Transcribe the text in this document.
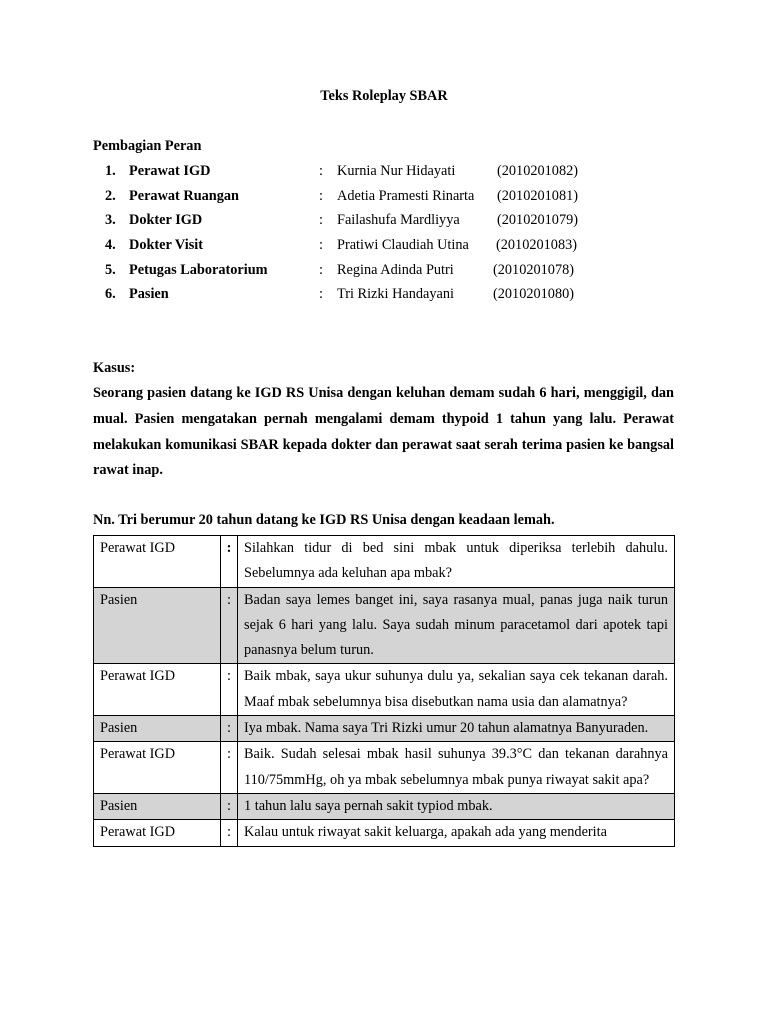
Teks Roleplay SBAR
Pembagian Peran
1. Perawat IGD	: Kurnia Nur Hidayati	(2010201082)
2. Perawat Ruangan	: Adetia Pramesti Rinarta (2010201081)
3. Dokter IGD	: Failashufa Mardliyya	(2010201079)
4. Dokter Visit	: Pratiwi Claudiah Utina (2010201083)
5. Petugas Laboratorium	: Regina Adinda Putri	(2010201078)
6. Pasien	: Tri Rizki Handayani	(2010201080)
Kasus:
Seorang pasien datang ke IGD RS Unisa dengan keluhan demam sudah 6 hari, menggigil, dan mual. Pasien mengatakan pernah mengalami demam thypoid 1 tahun yang lalu. Perawat melakukan komunikasi SBAR kepada dokter dan perawat saat serah terima pasien ke bangsal rawat inap.
Nn. Tri berumur 20 tahun datang ke IGD RS Unisa dengan keadaan lemah.
Perawat IGD	:	Silahkan tidur di bed sini mbak untuk diperiksa terlebih dahulu. Sebelumnya ada keluhan apa mbak?
Pasien	:	Badan saya lemes banget ini, saya rasanya mual, panas juga naik turun sejak 6 hari yang lalu. Saya sudah minum paracetamol dari apotek tapi panasnya belum turun.
Perawat IGD	:	Baik mbak, saya ukur suhunya dulu ya, sekalian saya cek tekanan darah. Maaf mbak sebelumnya bisa disebutkan nama usia dan alamatnya?
Pasien	:	Iya mbak. Nama saya Tri Rizki umur 20 tahun alamatnya Banyuraden.
Perawat IGD	:	Baik. Sudah selesai mbak hasil suhunya 39.3°C dan tekanan darahnya 110/75mmHg, oh ya mbak sebelumnya mbak punya riwayat sakit apa?
Pasien	:	1 tahun lalu saya pernah sakit typiod mbak.
Perawat IGD	:	Kalau untuk riwayat sakit keluarga, apakah ada yang menderita
